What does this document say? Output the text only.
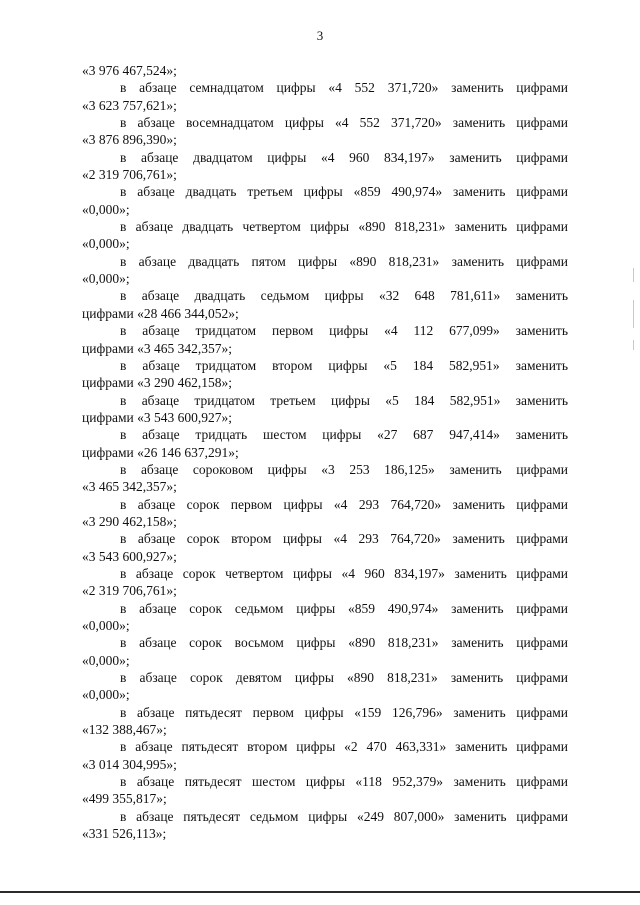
3
«3 976 467,524»;
в абзаце семнадцатом цифры «4 552 371,720» заменить цифрами
«3 623 757,621»;
в абзаце восемнадцатом цифры «4 552 371,720» заменить цифрами
«3 876 896,390»;
в абзаце двадцатом цифры «4 960 834,197» заменить цифрами
«2 319 706,761»;
в абзаце двадцать третьем цифры «859 490,974» заменить цифрами
«0,000»;
в абзаце двадцать четвертом цифры «890 818,231» заменить цифрами
«0,000»;
в абзаце двадцать пятом цифры «890 818,231» заменить цифрами
«0,000»;
в абзаце двадцать седьмом цифры «32 648 781,611» заменить
цифрами «28 466 344,052»;
в абзаце тридцатом первом цифры «4 112 677,099» заменить
цифрами «3 465 342,357»;
в абзаце тридцатом втором цифры «5 184 582,951» заменить
цифрами «3 290 462,158»;
в абзаце тридцатом третьем цифры «5 184 582,951» заменить
цифрами «3 543 600,927»;
в абзаце тридцать шестом цифры «27 687 947,414» заменить
цифрами «26 146 637,291»;
в абзаце сороковом цифры «3 253 186,125» заменить цифрами
«3 465 342,357»;
в абзаце сорок первом цифры «4 293 764,720» заменить цифрами
«3 290 462,158»;
в абзаце сорок втором цифры «4 293 764,720» заменить цифрами
«3 543 600,927»;
в абзаце сорок четвертом цифры «4 960 834,197» заменить цифрами
«2 319 706,761»;
в абзаце сорок седьмом цифры «859 490,974» заменить цифрами
«0,000»;
в абзаце сорок восьмом цифры «890 818,231» заменить цифрами
«0,000»;
в абзаце сорок девятом цифры «890 818,231» заменить цифрами
«0,000»;
в абзаце пятьдесят первом цифры «159 126,796» заменить цифрами
«132 388,467»;
в абзаце пятьдесят втором цифры «2 470 463,331» заменить цифрами
«3 014 304,995»;
в абзаце пятьдесят шестом цифры «118 952,379» заменить цифрами
«499 355,817»;
в абзаце пятьдесят седьмом цифры «249 807,000» заменить цифрами
«331 526,113»;
